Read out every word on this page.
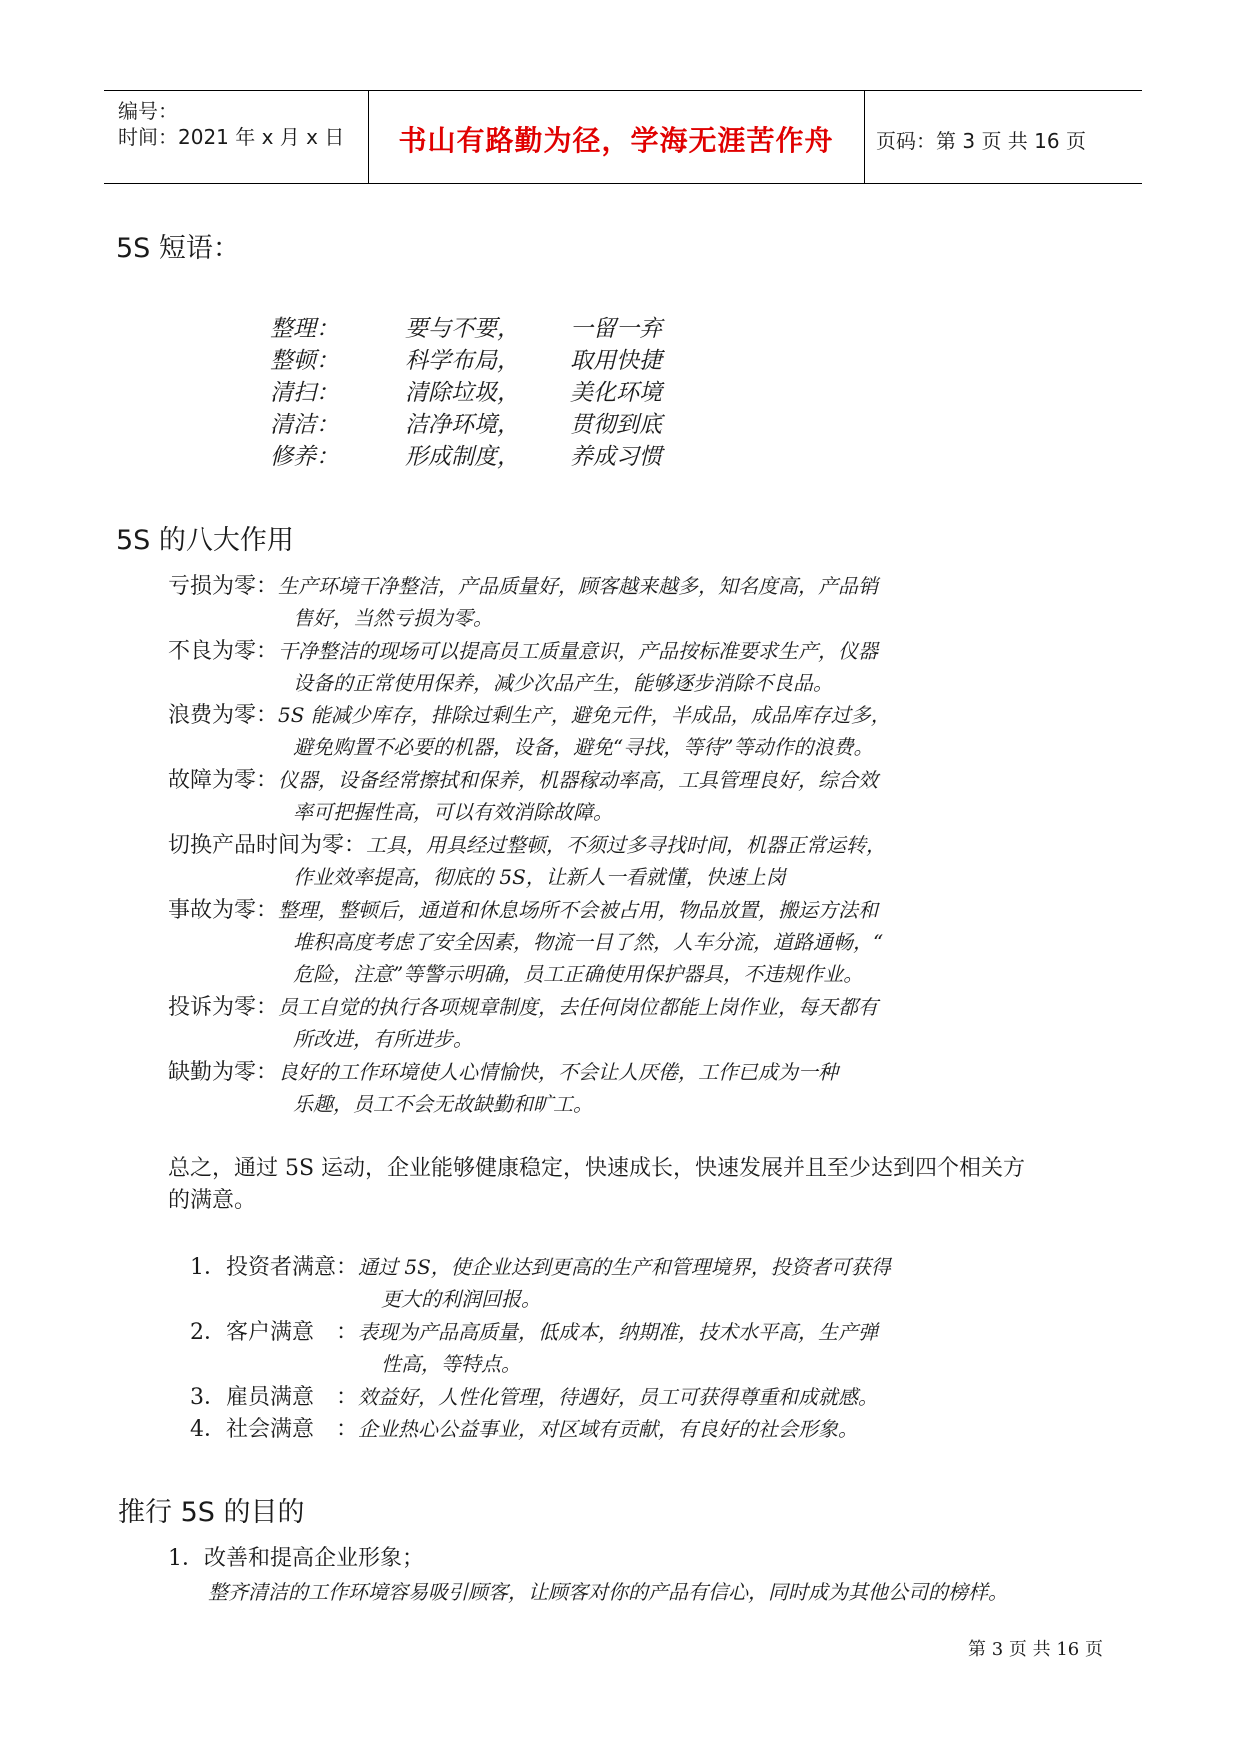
编号：
时间：2021 年 x 月 x 日	书山有路勤为径，学海无涯苦作舟	页码：第 3 页 共 16 页
5S 短语：
整理：	要与不要， 一留一弃
整顿：	科学布局， 取用快捷
清扫：	清除垃圾， 美化环境
清洁：	洁净环境， 贯彻到底
修养：	形成制度， 养成习惯
5S 的八大作用
亏损为零：生产环境干净整洁，产品质量好，顾客越来越多，知名度高，产品销
售好，当然亏损为零。
不良为零：干净整洁的现场可以提高员工质量意识，产品按标准要求生产，仪器
设备的正常使用保养，减少次品产生，能够逐步消除不良品。
浪费为零：5S 能减少库存，排除过剩生产，避免元件，半成品，成品库存过多，
避免购置不必要的机器，设备，避免“寻找，等待”等动作的浪费。
故障为零：仪器，设备经常擦拭和保养，机器稼动率高，工具管理良好，综合效
率可把握性高，可以有效消除故障。
切换产品时间为零：工具，用具经过整顿，不须过多寻找时间，机器正常运转，
作业效率提高，彻底的 5S，让新人一看就懂，快速上岗
事故为零：整理，整顿后，通道和休息场所不会被占用，物品放置，搬运方法和
堆积高度考虑了安全因素，物流一目了然，人车分流，道路通畅，“
危险，注意”等警示明确，员工正确使用保护器具，不违规作业。
投诉为零：员工自觉的执行各项规章制度，去任何岗位都能上岗作业，每天都有
所改进，有所进步。
缺勤为零：良好的工作环境使人心情愉快，不会让人厌倦，工作已成为一种
乐趣，员工不会无故缺勤和旷工。
总之，通过 5S 运动，企业能够健康稳定，快速成长，快速发展并且至少达到四个相关方
的满意。
1．投资者满意：通过 5S，使企业达到更高的生产和管理境界，投资者可获得
更大的利润回报。
2．客户满意　：表现为产品高质量，低成本，纳期准，技术水平高，生产弹
性高，等特点。
3．雇员满意　：效益好，人性化管理，待遇好，员工可获得尊重和成就感。
4．社会满意　：企业热心公益事业，对区域有贡献，有良好的社会形象。
推行 5S 的目的
1．改善和提高企业形象；
整齐清洁的工作环境容易吸引顾客，让顾客对你的产品有信心，同时成为其他公司的榜样。
第 3 页 共 16 页
